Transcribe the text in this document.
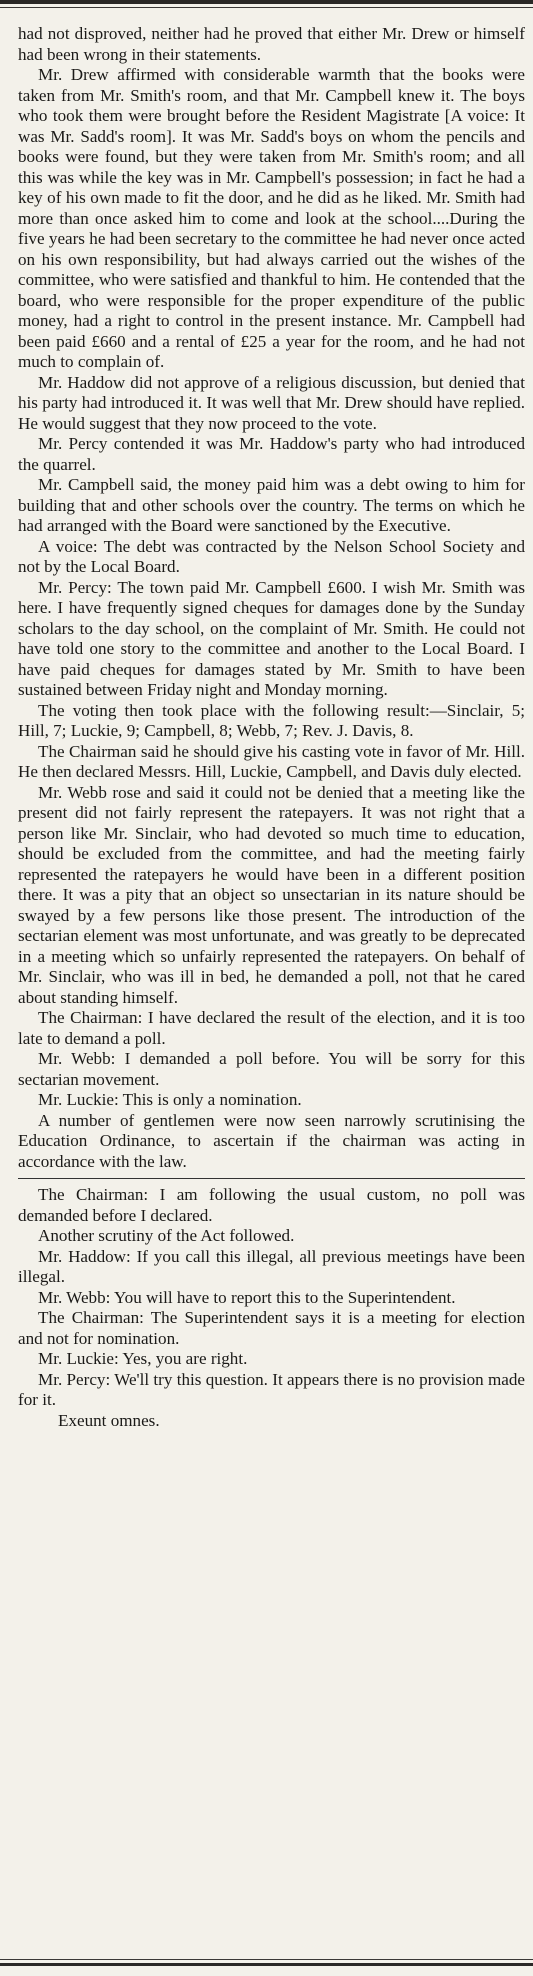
had not disproved, neither had he proved that either Mr. Drew or himself had been wrong in their statements.

Mr. Drew affirmed with considerable warmth that the books were taken from Mr. Smith's room, and that Mr. Campbell knew it. The boys who took them were brought before the Resident Magistrate [A voice: It was Mr. Sadd's room]. It was Mr. Sadd's boys on whom the pencils and books were found, but they were taken from Mr. Smith's room; and all this was while the key was in Mr. Campbell's possession; in fact he had a key of his own made to fit the door, and he did as he liked. Mr. Smith had more than once asked him to come and look at the school....During the five years he had been secretary to the committee he had never once acted on his own responsibility, but had always carried out the wishes of the committee, who were satisfied and thankful to him. He contended that the board, who were responsible for the proper expenditure of the public money, had a right to control in the present instance. Mr. Campbell had been paid £660 and a rental of £25 a year for the room, and he had not much to complain of.

Mr. Haddow did not approve of a religious discussion, but denied that his party had introduced it. It was well that Mr. Drew should have replied. He would suggest that they now proceed to the vote.

Mr. Percy contended it was Mr. Haddow's party who had introduced the quarrel.

Mr. Campbell said, the money paid him was a debt owing to him for building that and other schools over the country. The terms on which he had arranged with the Board were sanctioned by the Executive.

A voice: The debt was contracted by the Nelson School Society and not by the Local Board.

Mr. Percy: The town paid Mr. Campbell £600. I wish Mr. Smith was here. I have frequently signed cheques for damages done by the Sunday scholars to the day school, on the complaint of Mr. Smith. He could not have told one story to the committee and another to the Local Board. I have paid cheques for damages stated by Mr. Smith to have been sustained between Friday night and Monday morning.

The voting then took place with the following result:—Sinclair, 5; Hill, 7; Luckie, 9; Campbell, 8; Webb, 7; Rev. J. Davis, 8.

The Chairman said he should give his casting vote in favor of Mr. Hill. He then declared Messrs. Hill, Luckie, Campbell, and Davis duly elected.

Mr. Webb rose and said it could not be denied that a meeting like the present did not fairly represent the ratepayers. It was not right that a person like Mr. Sinclair, who had devoted so much time to education, should be excluded from the committee, and had the meeting fairly represented the ratepayers he would have been in a different position there. It was a pity that an object so unsectarian in its nature should be swayed by a few persons like those present. The introduction of the sectarian element was most unfortunate, and was greatly to be deprecated in a meeting which so unfairly represented the ratepayers. On behalf of Mr. Sinclair, who was ill in bed, he demanded a poll, not that he cared about standing himself.

The Chairman: I have declared the result of the election, and it is too late to demand a poll.

Mr. Webb: I demanded a poll before. You will be sorry for this sectarian movement.

Mr. Luckie: This is only a nomination.

A number of gentlemen were now seen narrowly scrutinising the Education Ordinance, to ascertain if the chairman was acting in accordance with the law.

The Chairman: I am following the usual custom, no poll was demanded before I declared.

Another scrutiny of the Act followed.

Mr. Haddow: If you call this illegal, all previous meetings have been illegal.

Mr. Webb: You will have to report this to the Superintendent.

The Chairman: The Superintendent says it is a meeting for election and not for nomination.

Mr. Luckie: Yes, you are right.

Mr. Percy: We'll try this question. It appears there is no provision made for it.

Exeunt omnes.
